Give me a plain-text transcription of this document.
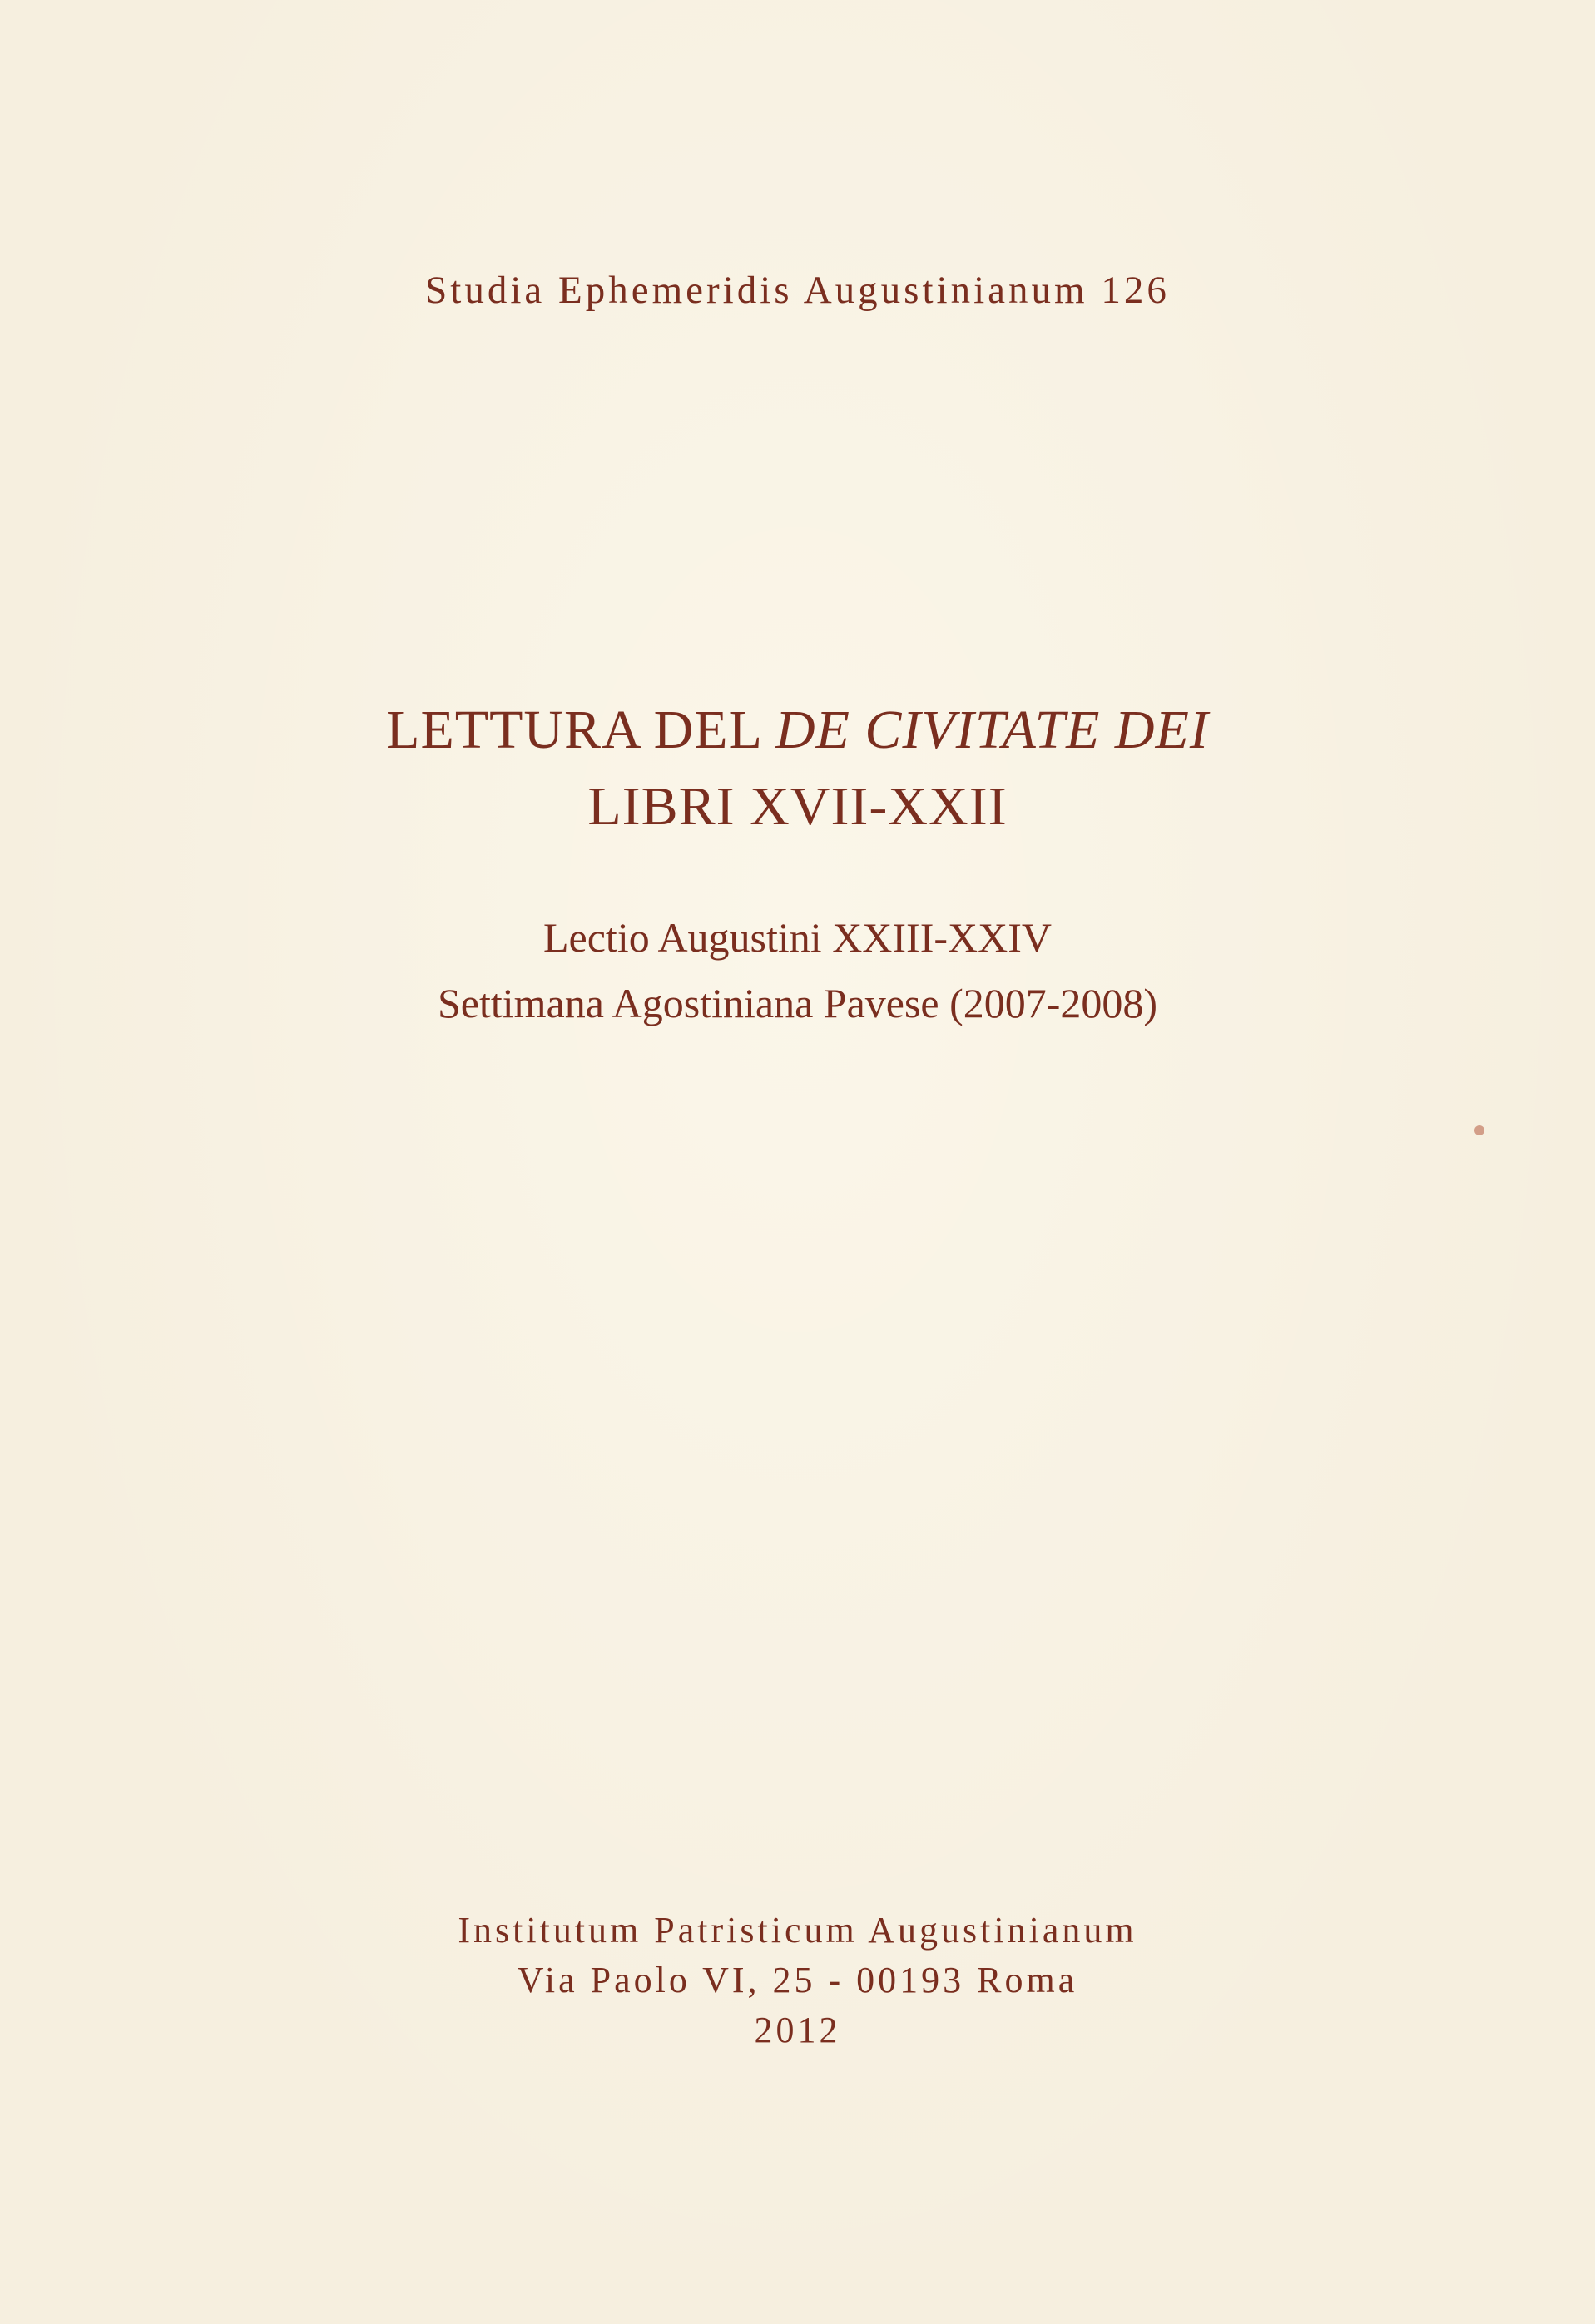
Studia Ephemeridis Augustinianum 126
LETTURA DEL DE CIVITATE DEI
LIBRI XVII-XXII
Lectio Augustini XXIII-XXIV
Settimana Agostiniana Pavese (2007-2008)
Institutum Patristicum Augustinianum
Via Paolo VI, 25 - 00193 Roma
2012
